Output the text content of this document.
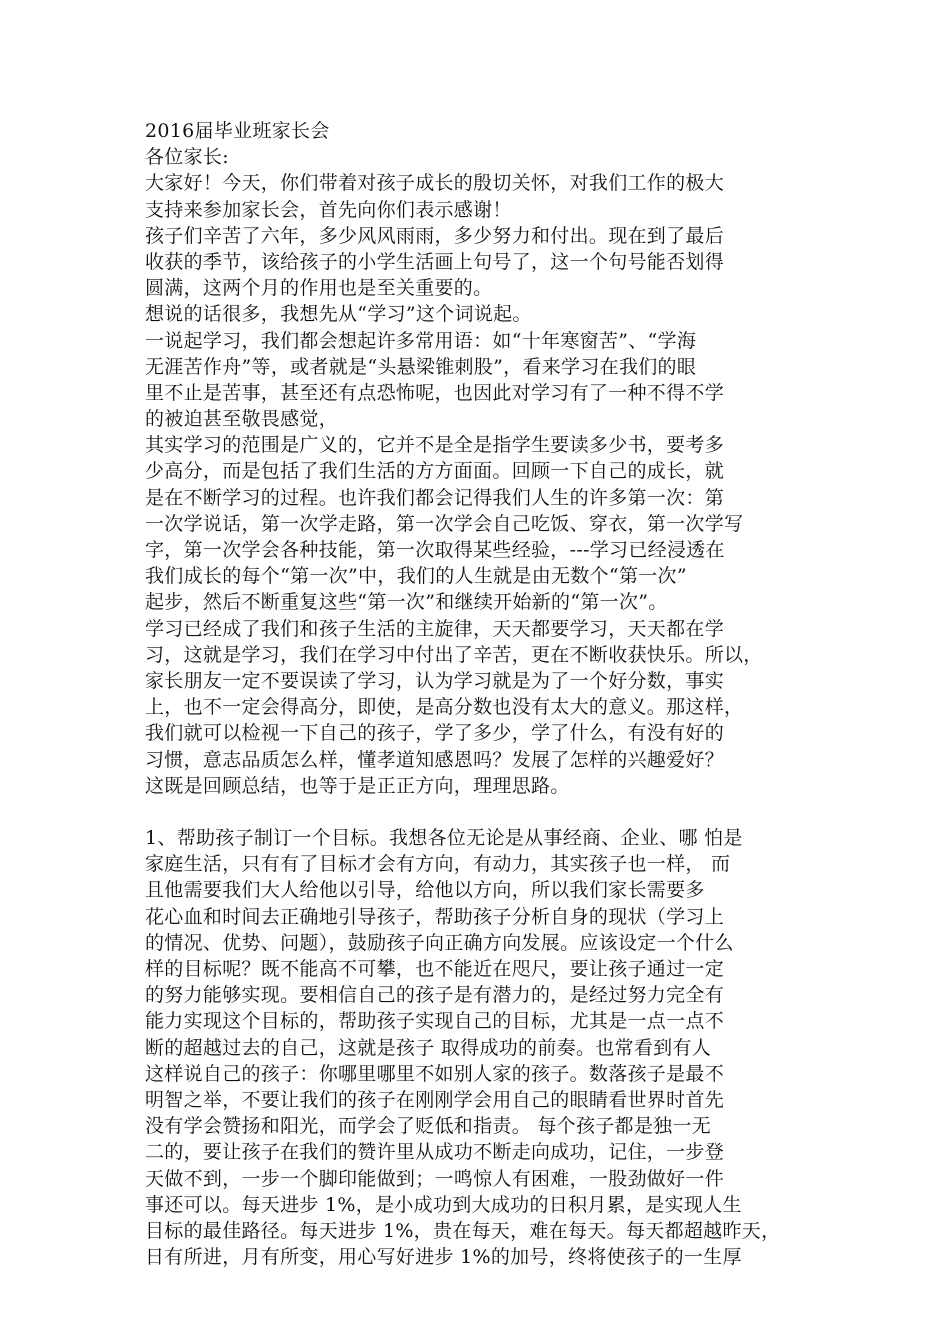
2016届毕业班家长会
各位家长:
大家好！今天，你们带着对孩子成长的殷切关怀，对我们工作的极大
支持来参加家长会，首先向你们表示感谢！
孩子们辛苦了六年，多少风风雨雨，多少努力和付出。现在到了最后
收获的季节，该给孩子的小学生活画上句号了，这一个句号能否划得
圆满，这两个月的作用也是至关重要的。
想说的话很多，我想先从“学习”这个词说起。
一说起学习，我们都会想起许多常用语：如“十年寒窗苦”、“学海
无涯苦作舟”等，或者就是“头悬梁锥刺股”，看来学习在我们的眼
里不止是苦事，甚至还有点恐怖呢，也因此对学习有了一种不得不学
的被迫甚至敬畏感觉，
其实学习的范围是广义的，它并不是全是指学生要读多少书，要考多
少高分，而是包括了我们生活的方方面面。回顾一下自己的成长，就
是在不断学习的过程。也许我们都会记得我们人生的许多第一次：第
一次学说话，第一次学走路，第一次学会自己吃饭、穿衣，第一次学写
字，第一次学会各种技能，第一次取得某些经验，---学习已经浸透在
我们成长的每个“第一次”中，我们的人生就是由无数个“第一次”
起步，然后不断重复这些“第一次”和继续开始新的“第一次”。
学习已经成了我们和孩子生活的主旋律，天天都要学习，天天都在学
习，这就是学习，我们在学习中付出了辛苦，更在不断收获快乐。所以，
家长朋友一定不要误读了学习，认为学习就是为了一个好分数，事实
上，也不一定会得高分，即使，是高分数也没有太大的意义。那这样，
我们就可以检视一下自己的孩子，学了多少，学了什么，有没有好的
习惯，意志品质怎么样，懂孝道知感恩吗？发展了怎样的兴趣爱好？
这既是回顾总结，也等于是正正方向，理理思路。
1、帮助孩子制订一个目标。我想各位无论是从事经商、企业、哪 怕是
家庭生活，只有有了目标才会有方向，有动力，其实孩子也一样， 而
且他需要我们大人给他以引导，给他以方向，所以我们家长需要多
花心血和时间去正确地引导孩子，帮助孩子分析自身的现状（学习上
的情况、优势、问题），鼓励孩子向正确方向发展。应该设定一个什么
样的目标呢？既不能高不可攀，也不能近在咫尺，要让孩子通过一定
的努力能够实现。要相信自己的孩子是有潜力的，是经过努力完全有
能力实现这个目标的，帮助孩子实现自己的目标，尤其是一点一点不
断的超越过去的自己，这就是孩子 取得成功的前奏。也常看到有人
这样说自己的孩子：你哪里哪里不如别人家的孩子。数落孩子是最不
明智之举，不要让我们的孩子在刚刚学会用自己的眼睛看世界时首先
没有学会赞扬和阳光，而学会了贬低和指责。 每个孩子都是独一无
二的，要让孩子在我们的赞许里从成功不断走向成功，记住，一步登
天做不到，一步一个脚印能做到；一鸣惊人有困难，一股劲做好一件
事还可以。每天进步 1%，是小成功到大成功的日积月累，是实现人生
目标的最佳路径。每天进步 1%，贵在每天，难在每天。每天都超越昨天，
日有所进，月有所变，用心写好进步 1%的加号，终将使孩子的一生厚
